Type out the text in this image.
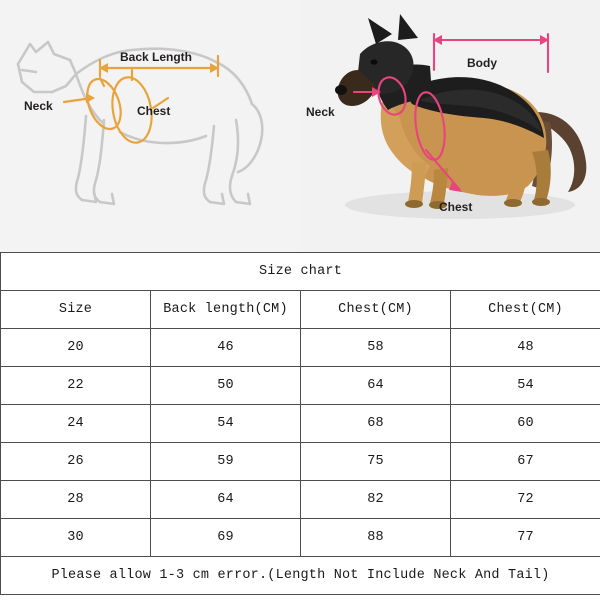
Back Length
Neck	Chest
Body
Neck
Chest
Size chart			
Size	Back length(CM)	Chest(CM)	Chest(CM)
20	46	58	48
22	50	64	54
24	54	68	60
26	59	75	67
28	64	82	72
30	69	88	77
Please allow 1-3 cm error.(Length Not Include Neck And Tail)			
